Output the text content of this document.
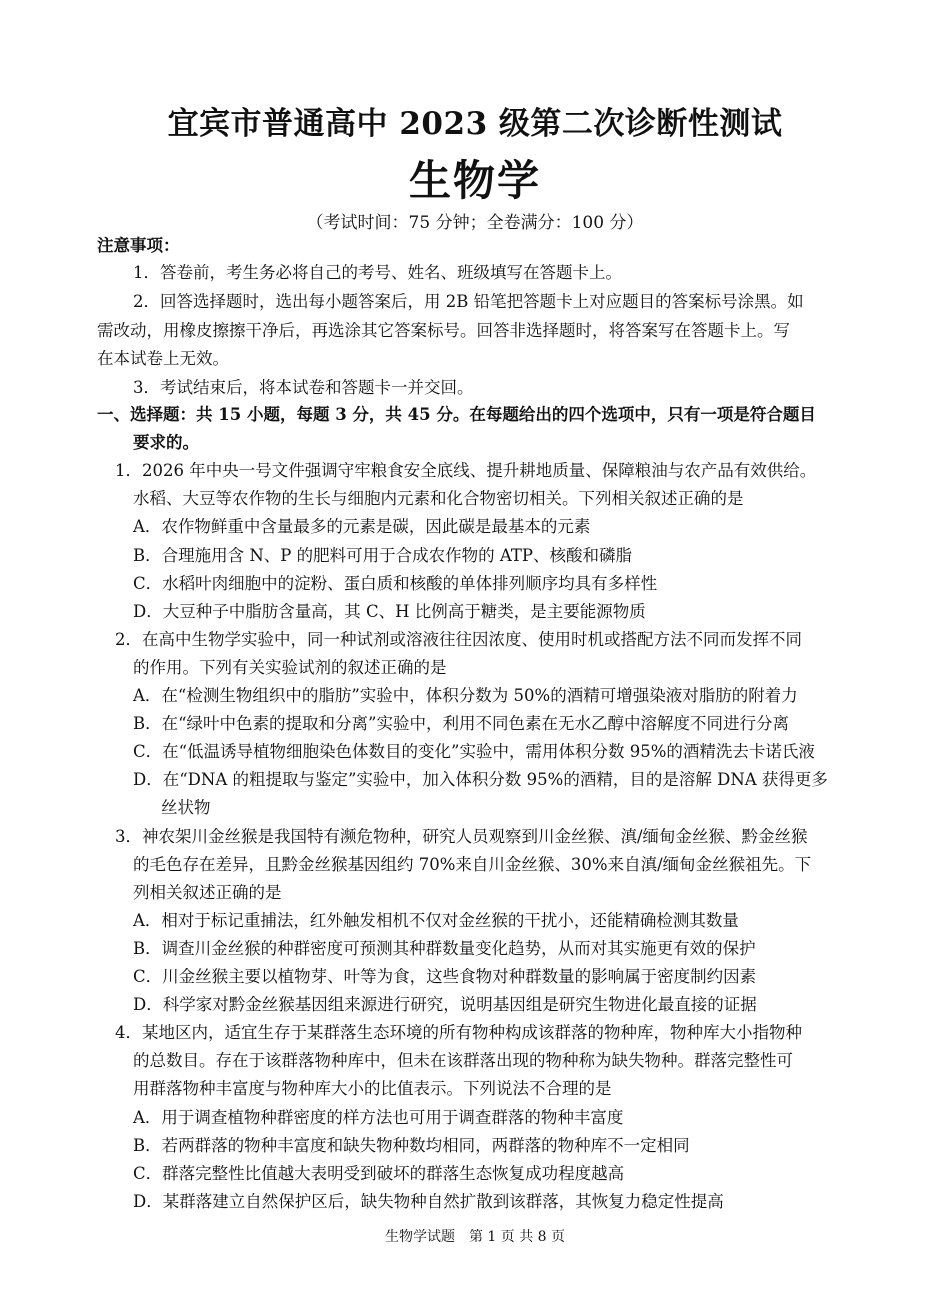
宜宾市普通高中 2023 级第二次诊断性测试
生物学
（考试时间：75 分钟；全卷满分：100 分）
注意事项：
1．答卷前，考生务必将自己的考号、姓名、班级填写在答题卡上。
2．回答选择题时，选出每小题答案后，用 2B 铅笔把答题卡上对应题目的答案标号涂黑。如
需改动，用橡皮擦擦干净后，再选涂其它答案标号。回答非选择题时，将答案写在答题卡上。写
在本试卷上无效。
3．考试结束后，将本试卷和答题卡一并交回。
一、选择题：共 15 小题，每题 3 分，共 45 分。在每题给出的四个选项中，只有一项是符合题目
要求的。
1．2026 年中央一号文件强调守牢粮食安全底线、提升耕地质量、保障粮油与农产品有效供给。
水稻、大豆等农作物的生长与细胞内元素和化合物密切相关。下列相关叙述正确的是
A．农作物鲜重中含量最多的元素是碳，因此碳是最基本的元素
B．合理施用含 N、P 的肥料可用于合成农作物的 ATP、核酸和磷脂
C．水稻叶肉细胞中的淀粉、蛋白质和核酸的单体排列顺序均具有多样性
D．大豆种子中脂肪含量高，其 C、H 比例高于糖类，是主要能源物质
2．在高中生物学实验中，同一种试剂或溶液往往因浓度、使用时机或搭配方法不同而发挥不同
的作用。下列有关实验试剂的叙述正确的是
A．在“检测生物组织中的脂肪”实验中，体积分数为 50%的酒精可增强染液对脂肪的附着力
B．在“绿叶中色素的提取和分离”实验中，利用不同色素在无水乙醇中溶解度不同进行分离
C．在“低温诱导植物细胞染色体数目的变化”实验中，需用体积分数 95%的酒精洗去卡诺氏液
D．在“DNA 的粗提取与鉴定”实验中，加入体积分数 95%的酒精，目的是溶解 DNA 获得更多
丝状物
3．神农架川金丝猴是我国特有濒危物种，研究人员观察到川金丝猴、滇/缅甸金丝猴、黔金丝猴
的毛色存在差异，且黔金丝猴基因组约 70%来自川金丝猴、30%来自滇/缅甸金丝猴祖先。下
列相关叙述正确的是
A．相对于标记重捕法，红外触发相机不仅对金丝猴的干扰小，还能精确检测其数量
B．调查川金丝猴的种群密度可预测其种群数量变化趋势，从而对其实施更有效的保护
C．川金丝猴主要以植物芽、叶等为食，这些食物对种群数量的影响属于密度制约因素
D．科学家对黔金丝猴基因组来源进行研究，说明基因组是研究生物进化最直接的证据
4．某地区内，适宜生存于某群落生态环境的所有物种构成该群落的物种库，物种库大小指物种
的总数目。存在于该群落物种库中，但未在该群落出现的物种称为缺失物种。群落完整性可
用群落物种丰富度与物种库大小的比值表示。下列说法不合理的是
A．用于调查植物种群密度的样方法也可用于调查群落的物种丰富度
B．若两群落的物种丰富度和缺失物种数均相同，两群落的物种库不一定相同
C．群落完整性比值越大表明受到破坏的群落生态恢复成功程度越高
D．某群落建立自然保护区后，缺失物种自然扩散到该群落，其恢复力稳定性提高
生物学试题　第 1 页 共 8 页
